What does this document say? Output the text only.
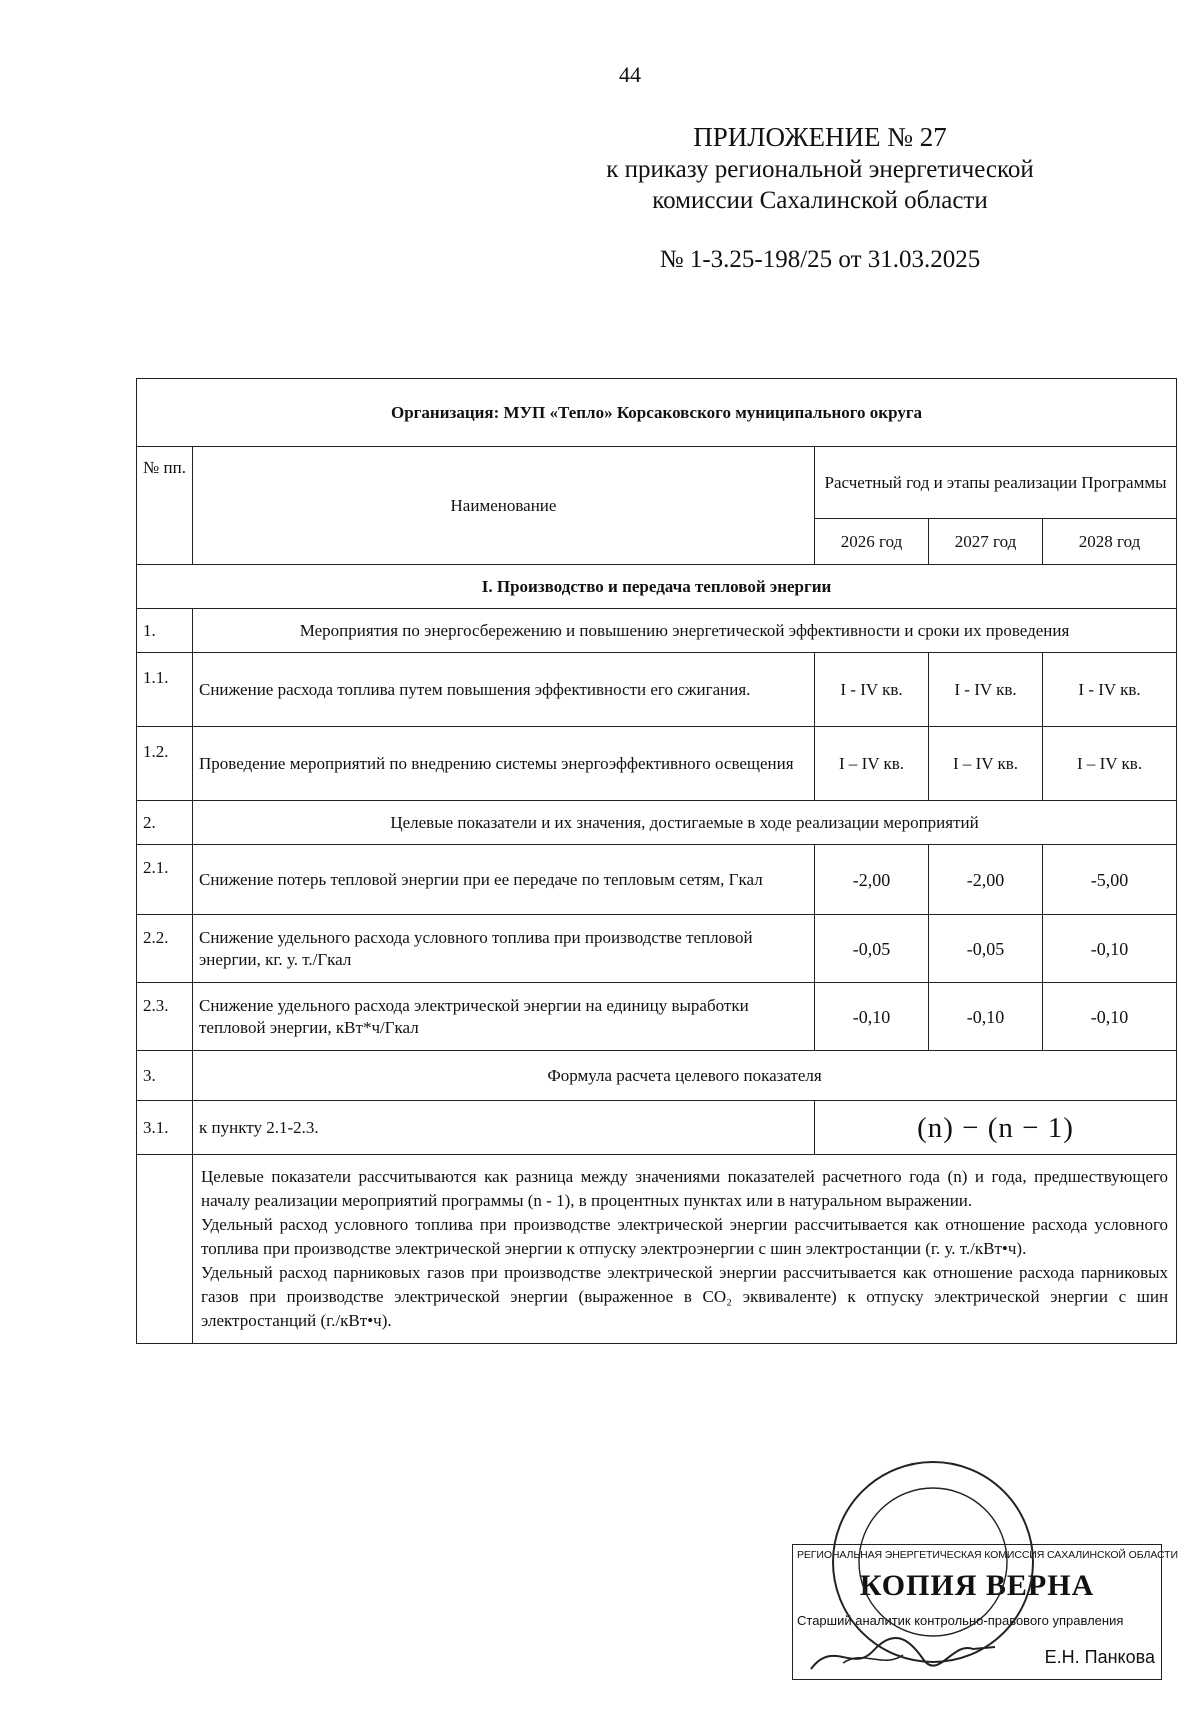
44
ПРИЛОЖЕНИЕ № 27
к приказу региональной энергетической
комиссии Сахалинской области
№ 1-3.25-198/25 от 31.03.2025
Организация: МУП «Тепло» Корсаковского муниципального округа				
№ пп.	Наименование	Расчетный год и этапы реализации Программы		
		2026 год	2027 год	2028 год
I. Производство и передача тепловой энергии				
1.	Мероприятия по энергосбережению и повышению энергетической эффективности и сроки их проведения			
1.1.	Снижение расхода топлива путем повышения эффективности его сжигания.	I - IV кв.	I - IV кв.	I - IV кв.
1.2.	Проведение мероприятий по внедрению системы энергоэффективного освещения	I – IV кв.	I – IV кв.	I – IV кв.
2.	Целевые показатели и их значения, достигаемые в ходе реализации мероприятий			
2.1.	Снижение потерь тепловой энергии при ее передаче по тепловым сетям, Гкал	-2,00	-2,00	-5,00
2.2.	Снижение удельного расхода условного топлива при производстве тепловой энергии, кг. у. т./Гкал	-0,05	-0,05	-0,10
2.3.	Снижение удельного расхода электрической энергии на единицу выработки тепловой энергии, кВт*ч/Гкал	-0,10	-0,10	-0,10
3.	Формула расчета целевого показателя			
3.1.	к пункту 2.1-2.3.	(n) − (n − 1)		

	Целевые показатели рассчитываются как разница между значениями показателей расчетного года (n) и года, предшествующего началу реализации мероприятий программы (n - 1), в процентных пунктах или в натуральном выражении.
Удельный расход условного топлива при производстве электрической энергии рассчитывается как отношение расхода условного топлива при производстве электрической энергии к отпуску электроэнергии с шин электростанции (г. у. т./кВт•ч).
Удельный расход парниковых газов при производстве электрической энергии рассчитывается как отношение расхода парниковых газов при производстве электрической энергии (выраженное в CO₂ эквиваленте) к отпуску электрической энергии с шин электростанций (г./кВт•ч).			
РЕГИОНАЛЬНАЯ ЭНЕРГЕТИЧЕСКАЯ КОМИССИЯ САХАЛИНСКОЙ ОБЛАСТИ
КОПИЯ ВЕРНА
Старший аналитик контрольно-правового управления
Е.Н. Панкова
